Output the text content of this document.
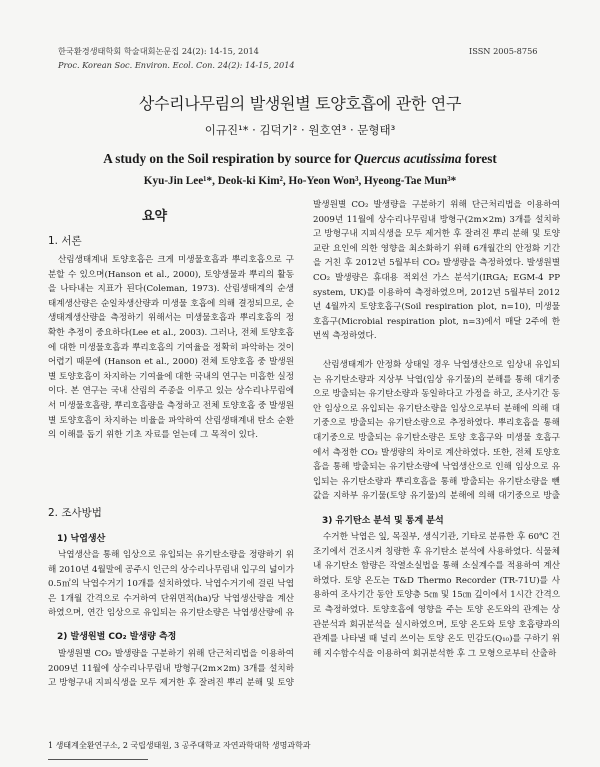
한국환경생태학회 학술대회논문집 24(2): 14-15, 2014
Proc. Korean Soc. Environ. Ecol. Con. 24(2): 14-15, 2014
ISSN 2005-8756
상수리나무림의 발생원별 토양호흡에 관한 연구
이규진¹* · 김덕기² · 원호연³ · 문형태³
A study on the Soil respiration by source for Quercus acutissima forest
Kyu-Jin Lee¹*, Deok-ki Kim², Ho-Yeon Won³, Hyeong-Tae Mun³*
요약
1. 서론

산림생태계내 토양호흡은 크게 미생물호흡과 뿌리호흡으로 구분할 수 있으며(Hanson et al., 2000), 토양생물과 뿌리의 활동을 나타내는 지표가 된다(Coleman, 1973). 산림생태계의 순생태계생산량은 순일차생산량과 미생물 호흡에 의해 결정되므로, 순생태계생산량을 측정하기 위해서는 미생물호흡과 뿌리호흡의 정확한 추정이 중요하다(Lee et al., 2003). 그러나, 전체 토양호흡에 대한 미생물호흡과 뿌리호흡의 기여율을 정확히 파악하는 것이 어렵기 때문에 (Hanson et al., 2000) 전체 토양호흡 중 발생원별 토양호흡이 차지하는 기여율에 대한 국내의 연구는 미흡한 실정이다. 본 연구는 국내 산림의 주종을 이루고 있는 상수리나무림에서 미생물호흡량, 뿌리호흡량을 측정하고 전체 토양호흡 중 발생원별 토양호흡이 차지하는 비율을 파악하여 산림생태계내 탄소 순환의 이해를 돕기 위한 기초 자료를 얻는데 그 목적이 있다.

2. 조사방법
1) 낙엽생산

낙엽생산을 통해 임상으로 유입되는 유기탄소량을 정량하기 위해 2010년 4월말에 공주시 인근의 상수리나무림내 입구의 넓이가 0.5㎡의 낙엽수거기 10개를 설치하였다. 낙엽수거기에 걸린 낙엽은 1개월 간격으로 수거하여 단위면적(ha)당 낙엽생산량을 계산하였으며, 연간 임상으로 유입되는 유기탄소량은 낙엽생산량에 유

2) 발생원별 CO₂ 발생량 측정

발생원별 CO₂ 발생량을 구분하기 위해 단근처리법을 이용하여 2009년 11월에 상수리나무림내 방형구(2m×2m) 3개를 설치하고 방형구내 지피식생을 모두 제거한 후 잘려진 뿌리 분해 및 토양

발생원별 CO₂ 발생량을 구분하기 위해 단근처리법을 이용하여 2009년 11월에 상수리나무림내 방형구(2m×2m) 3개를 설치하고 방형구내 지피식생을 모두 제거한 후 잘려진 뿌리 분해 및 토양 교란 요인에 의한 영향을 최소화하기 위해 6개월간의 안정화 기간을 거친 후 2012년 5월부터 CO₂ 발생량을 측정하였다. 발생원별 CO₂ 발생량은 휴대용 적외선 가스 분석기(IRGA; EGM-4 PP system, UK)를 이용하여 측정하였으며, 2012년 5월부터 2012년 4월까지 토양호흡구(Soil respiration plot, n=10), 미생물호흡구(Microbial respiration plot, n=3)에서 매달 2주에 한번씩 측정하였다.

산림생태계가 안정화 상태일 경우 낙엽생산으로 임상내 유입되는 유기탄소량과 지상부 낙엽(임상 유기물)의 분해를 통해 대기중으로 방출되는 유기탄소량과 동일하다고 가정을 하고, 조사기간 동안 임상으로 유입되는 유기탄소량을 임상으로부터 분해에 의해 대기중으로 방출되는 유기탄소량으로 추정하였다. 뿌리호흡을 통해 대기중으로 방출되는 유기탄소량은 토양 호흡구와 미생물 호흡구에서 측정한 CO₂ 발생량의 차이로 계산하였다. 또한, 전체 토양호흡을 통해 방출되는 유기탄소량에 낙엽생산으로 인해 임상으로 유입되는 유기탄소량과 뿌리호흡을 통해 방출되는 유기탄소량을 뺀 값을 지하부 유기물(토양 유기물)의 분해에 의해 대기중으로 방출

3) 유기탄소 분석 및 통계 분석

수거한 낙엽은 잎, 목질부, 생식기관, 기타로 분류한 후 60℃ 건조기에서 건조시켜 칭량한 후 유기탄소 분석에 사용하였다. 식물체내 유기탄소 함량은 작열소실법을 통해 소실계수를 적용하여 계산하였다. 토양 온도는 T&D Thermo Recorder (TR-71U)를 사용하여 조사기간 동안 토양층 5㎝ 및 15㎝ 깊이에서 1시간 간격으로 측정하였다. 토양호흡에 영향을 주는 토양 온도와의 관계는 상관분석과 회귀분석을 실시하였으며, 토양 온도와 토양 호흡량과의 관계를 나타낼 때 널리 쓰이는 토양 온도 민감도(Q₁₀)를 구하기 위해 지수함수식을 이용하여 회귀분석한 후 그 모형으로부터 산출하

1 생태계全환연구소, 2 국립생태원, 3 공주대학교 자연과학대학 생명과학과
